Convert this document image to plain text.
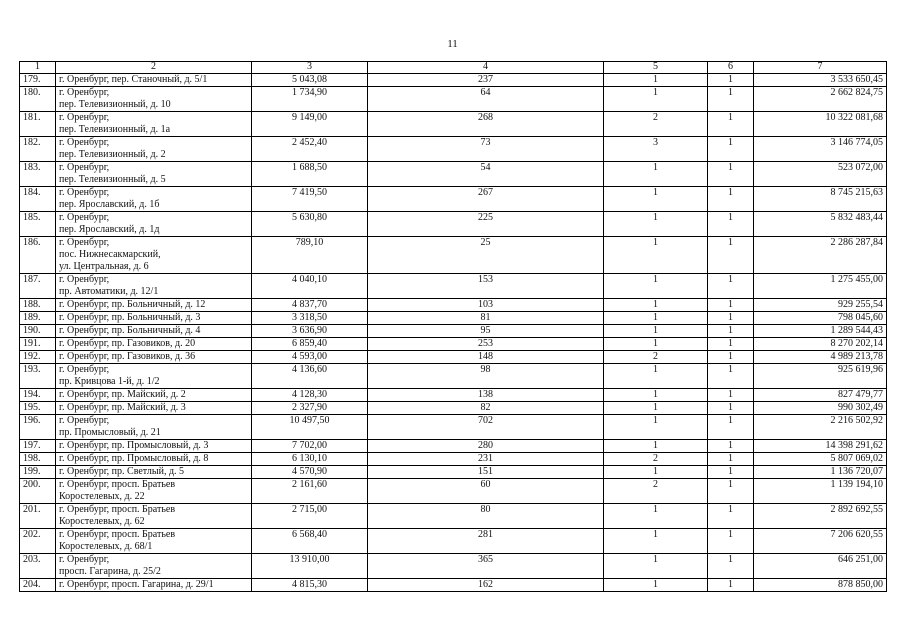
11
1	2	3	4	5	6	7
179.	г. Оренбург, пер. Станочный, д. 5/1	5 043,08	237	1	1	3 533 650,45
180.	г. Оренбург,
пер. Телевизионный, д. 10	1 734,90	64	1	1	2 662 824,75
181.	г. Оренбург,
пер. Телевизионный, д. 1а	9 149,00	268	2	1	10 322 081,68
182.	г. Оренбург,
пер. Телевизионный, д. 2	2 452,40	73	3	1	3 146 774,05
183.	г. Оренбург,
пер. Телевизионный, д. 5	1 688,50	54	1	1	523 072,00
184.	г. Оренбург,
пер. Ярославский, д. 1б	7 419,50	267	1	1	8 745 215,63
185.	г. Оренбург,
пер. Ярославский, д. 1д	5 630,80	225	1	1	5 832 483,44
186.	г. Оренбург,
пос. Нижнесакмарский,
ул. Центральная, д. 6	789,10	25	1	1	2 286 287,84
187.	г. Оренбург,
пр. Автоматики, д. 12/1	4 040,10	153	1	1	1 275 455,00
188.	г. Оренбург, пр. Больничный, д. 12	4 837,70	103	1	1	929 255,54
189.	г. Оренбург, пр. Больничный, д. 3	3 318,50	81	1	1	798 045,60
190.	г. Оренбург, пр. Больничный, д. 4	3 636,90	95	1	1	1 289 544,43
191.	г. Оренбург, пр. Газовиков, д. 20	6 859,40	253	1	1	8 270 202,14
192.	г. Оренбург, пр. Газовиков, д. 36	4 593,00	148	2	1	4 989 213,78
193.	г. Оренбург,
пр. Кривцова 1-й, д. 1/2	4 136,60	98	1	1	925 619,96
194.	г. Оренбург, пр. Майский, д. 2	4 128,30	138	1	1	827 479,77
195.	г. Оренбург, пр. Майский, д. 3	2 327,90	82	1	1	990 302,49
196.	г. Оренбург,
пр. Промысловый, д. 21	10 497,50	702	1	1	2 216 502,92
197.	г. Оренбург, пр. Промысловый, д. 3	7 702,00	280	1	1	14 398 291,62
198.	г. Оренбург, пр. Промысловый, д. 8	6 130,10	231	2	1	5 807 069,02
199.	г. Оренбург, пр. Светлый, д. 5	4 570,90	151	1	1	1 136 720,07
200.	г. Оренбург, просп. Братьев
Коростелевых, д. 22	2 161,60	60	2	1	1 139 194,10
201.	г. Оренбург, просп. Братьев
Коростелевых, д. 62	2 715,00	80	1	1	2 892 692,55
202.	г. Оренбург, просп. Братьев
Коростелевых, д. 68/1	6 568,40	281	1	1	7 206 620,55
203.	г. Оренбург,
просп. Гагарина, д. 25/2	13 910,00	365	1	1	646 251,00
204.	г. Оренбург, просп. Гагарина, д. 29/1	4 815,30	162	1	1	878 850,00
